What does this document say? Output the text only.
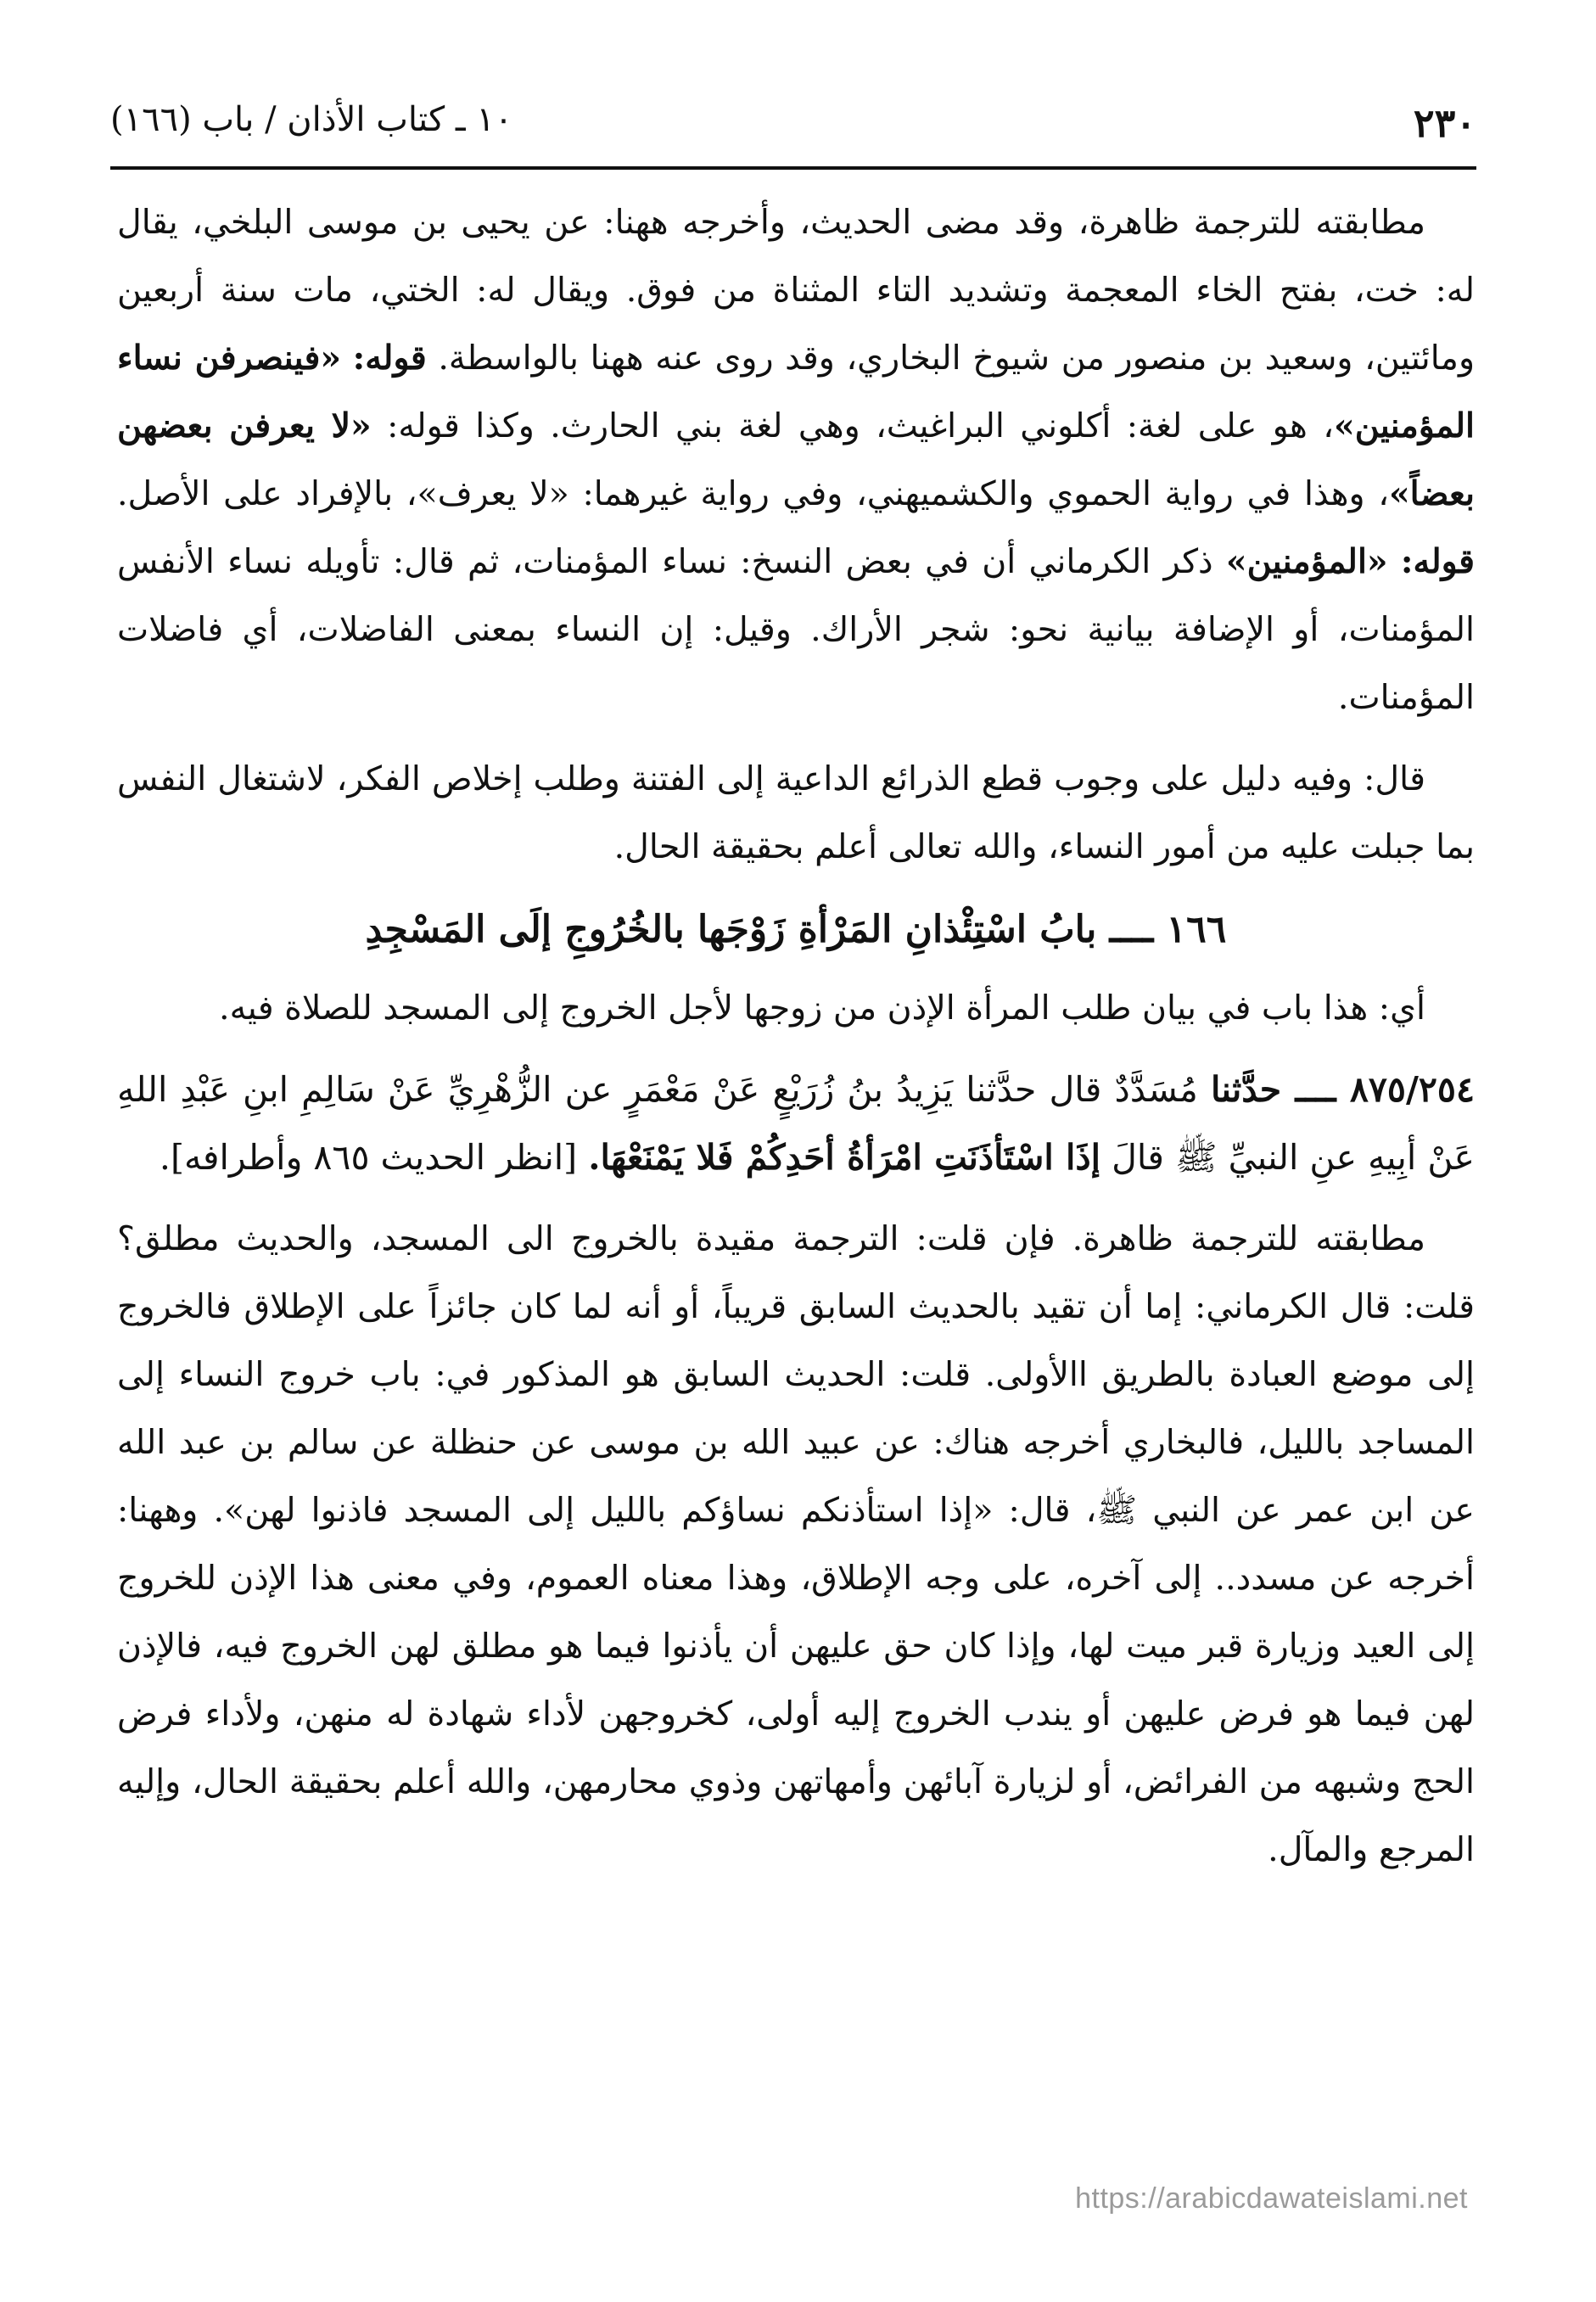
٢٣٠
١٠ ـ كتاب الأذان / باب (١٦٦)

مطابقته للترجمة ظاهرة، وقد مضى الحديث، وأخرجه ههنا: عن يحيى بن موسى البلخي، يقال له: خت، بفتح الخاء المعجمة وتشديد التاء المثناة من فوق. ويقال له: الختي، مات سنة أربعين ومائتين، وسعيد بن منصور من شيوخ البخاري، وقد روى عنه ههنا بالواسطة. قوله: «فينصرفن نساء المؤمنين»، هو على لغة: أكلوني البراغيث، وهي لغة بني الحارث. وكذا قوله: «لا يعرفن بعضهن بعضاً»، وهذا في رواية الحموي والكشميهني، وفي رواية غيرهما: «لا يعرف»، بالإفراد على الأصل. قوله: «المؤمنين» ذكر الكرماني أن في بعض النسخ: نساء المؤمنات، ثم قال: تأويله نساء الأنفس المؤمنات، أو الإضافة بيانية نحو: شجر الأراك. وقيل: إن النساء بمعنى الفاضلات، أي فاضلات المؤمنات.

قال: وفيه دليل على وجوب قطع الذرائع الداعية إلى الفتنة وطلب إخلاص الفكر، لاشتغال النفس بما جبلت عليه من أمور النساء، والله تعالى أعلم بحقيقة الحال.

١٦٦ ــــ بابُ اسْتِئْذانِ المَرْأةِ زَوْجَها بالخُرُوجِ إلَى المَسْجِدِ

أي: هذا باب في بيان طلب المرأة الإذن من زوجها لأجل الخروج إلى المسجد للصلاة فيه.

٨٧٥/٢٥٤ ــــ حدَّثنا مُسَدَّدٌ قال حدَّثنا يَزِيدُ بنُ زُرَيْعٍ عَنْ مَعْمَرٍ عن الزُّهْرِيِّ عَنْ سَالِمِ ابنِ عَبْدِ اللهِ عَنْ أبِيهِ عنِ النبيِّ ﷺ قالَ إذَا اسْتَأذَنَتِ امْرَأةُ أحَدِكُمْ فَلا يَمْنَعْهَا. [انظر الحديث ٨٦٥ وأطرافه].

مطابقته للترجمة ظاهرة. فإن قلت: الترجمة مقيدة بالخروج الى المسجد، والحديث مطلق؟ قلت: قال الكرماني: إما أن تقيد بالحديث السابق قريباً، أو أنه لما كان جائزاً على الإطلاق فالخروج إلى موضع العبادة بالطريق االأولى. قلت: الحديث السابق هو المذكور في: باب خروج النساء إلى المساجد بالليل، فالبخاري أخرجه هناك: عن عبيد الله بن موسى عن حنظلة عن سالم بن عبد الله عن ابن عمر عن النبي ﷺ، قال: «إذا استأذنكم نساؤكم بالليل إلى المسجد فاذنوا لهن». وههنا: أخرجه عن مسدد.. إلى آخره، على وجه الإطلاق، وهذا معناه العموم، وفي معنى هذا الإذن للخروج إلى العيد وزيارة قبر ميت لها، وإذا كان حق عليهن أن يأذنوا فيما هو مطلق لهن الخروج فيه، فالإذن لهن فيما هو فرض عليهن أو يندب الخروج إليه أولى، كخروجهن لأداء شهادة له منهن، ولأداء فرض الحج وشبهه من الفرائض، أو لزيارة آبائهن وأمهاتهن وذوي محارمهن، والله أعلم بحقيقة الحال، وإليه المرجع والمآل.

https://arabicdawateislami.net
